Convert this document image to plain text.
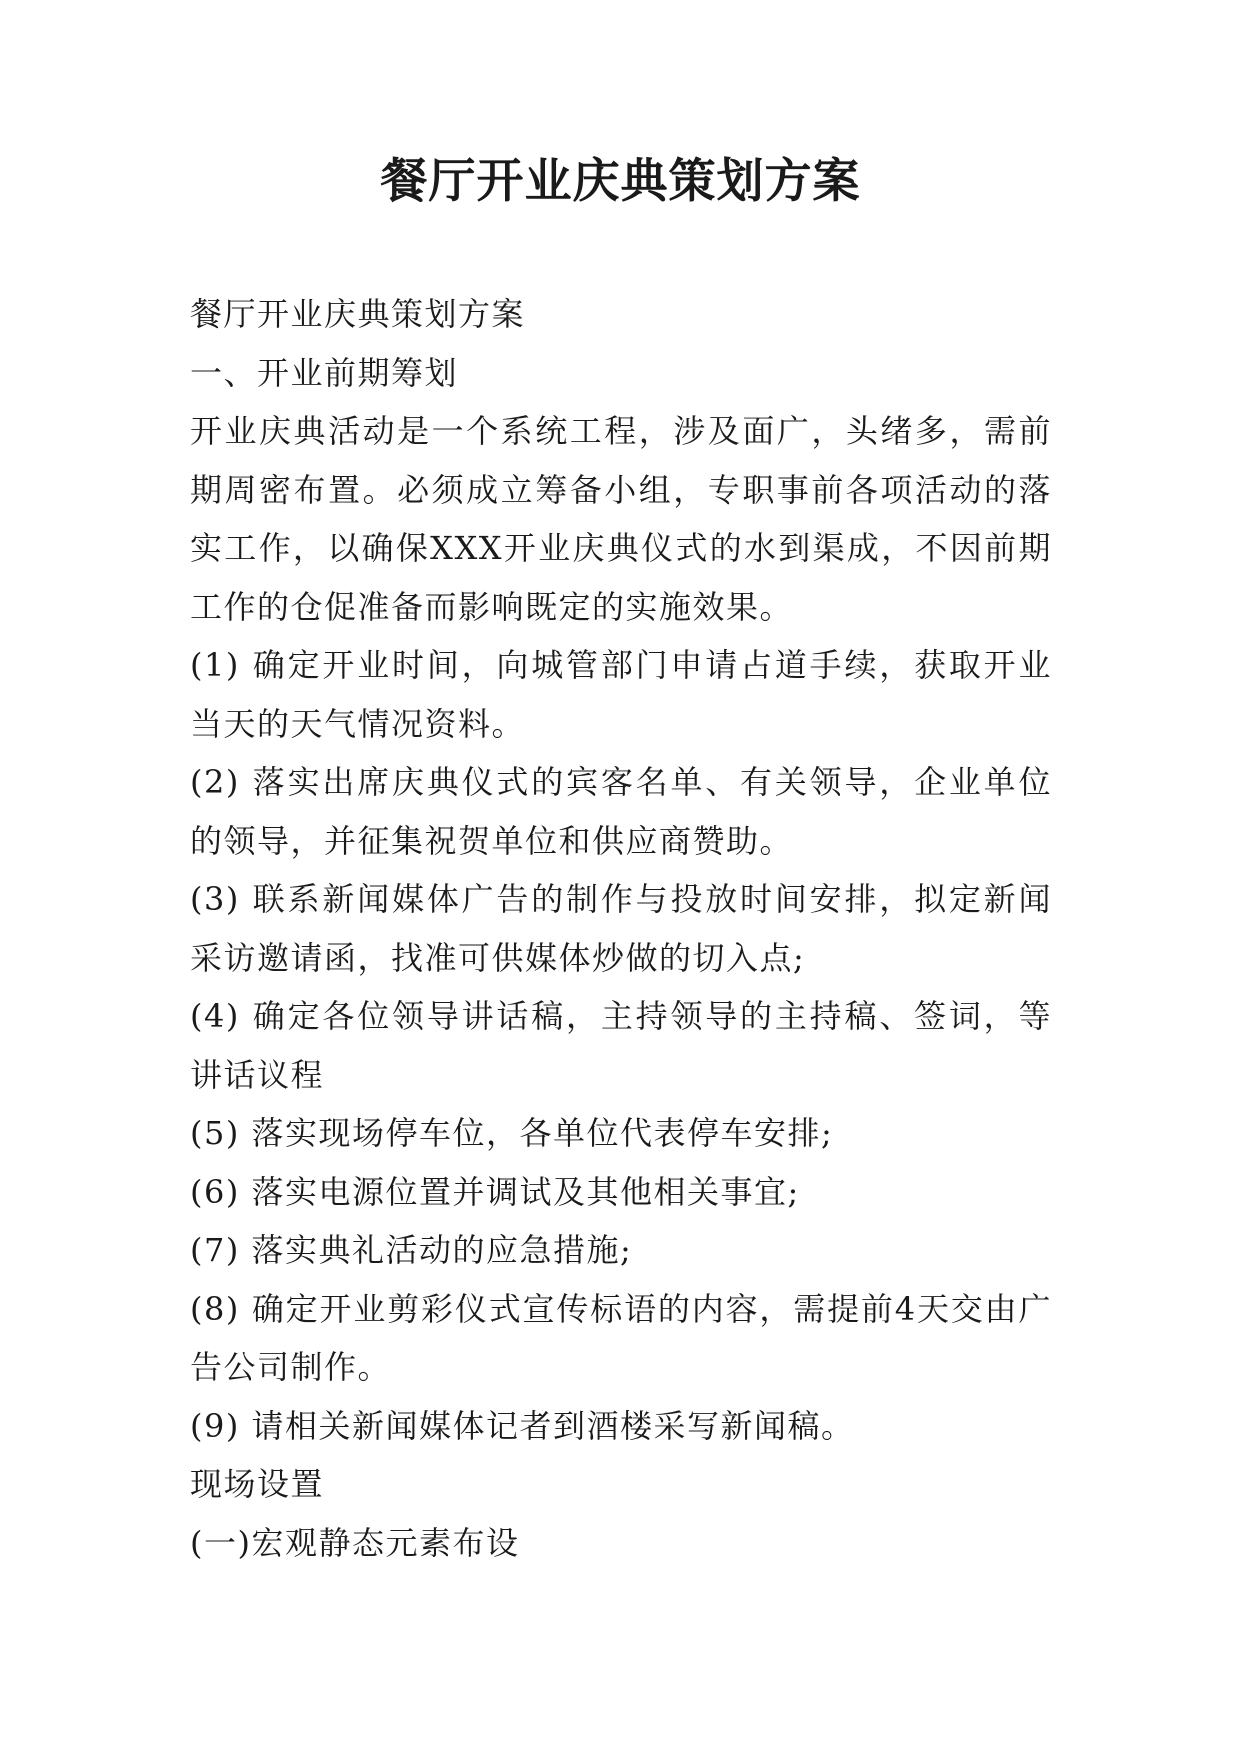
餐厅开业庆典策划方案

餐厅开业庆典策划方案

一、开业前期筹划

开业庆典活动是一个系统工程，涉及面广，头绪多，需前期周密布置。必须成立筹备小组，专职事前各项活动的落实工作，以确保XXX开业庆典仪式的水到渠成，不因前期工作的仓促准备而影响既定的实施效果。

(1) 确定开业时间，向城管部门申请占道手续，获取开业当天的天气情况资料。

(2) 落实出席庆典仪式的宾客名单、有关领导，企业单位的领导，并征集祝贺单位和供应商赞助。

(3) 联系新闻媒体广告的制作与投放时间安排，拟定新闻采访邀请函，找准可供媒体炒做的切入点;

(4) 确定各位领导讲话稿，主持领导的主持稿、签词，等讲话议程

(5) 落实现场停车位，各单位代表停车安排;

(6) 落实电源位置并调试及其他相关事宜;

(7) 落实典礼活动的应急措施;

(8) 确定开业剪彩仪式宣传标语的内容，需提前4天交由广告公司制作。

(9) 请相关新闻媒体记者到酒楼采写新闻稿。

现场设置

(一)宏观静态元素布设
